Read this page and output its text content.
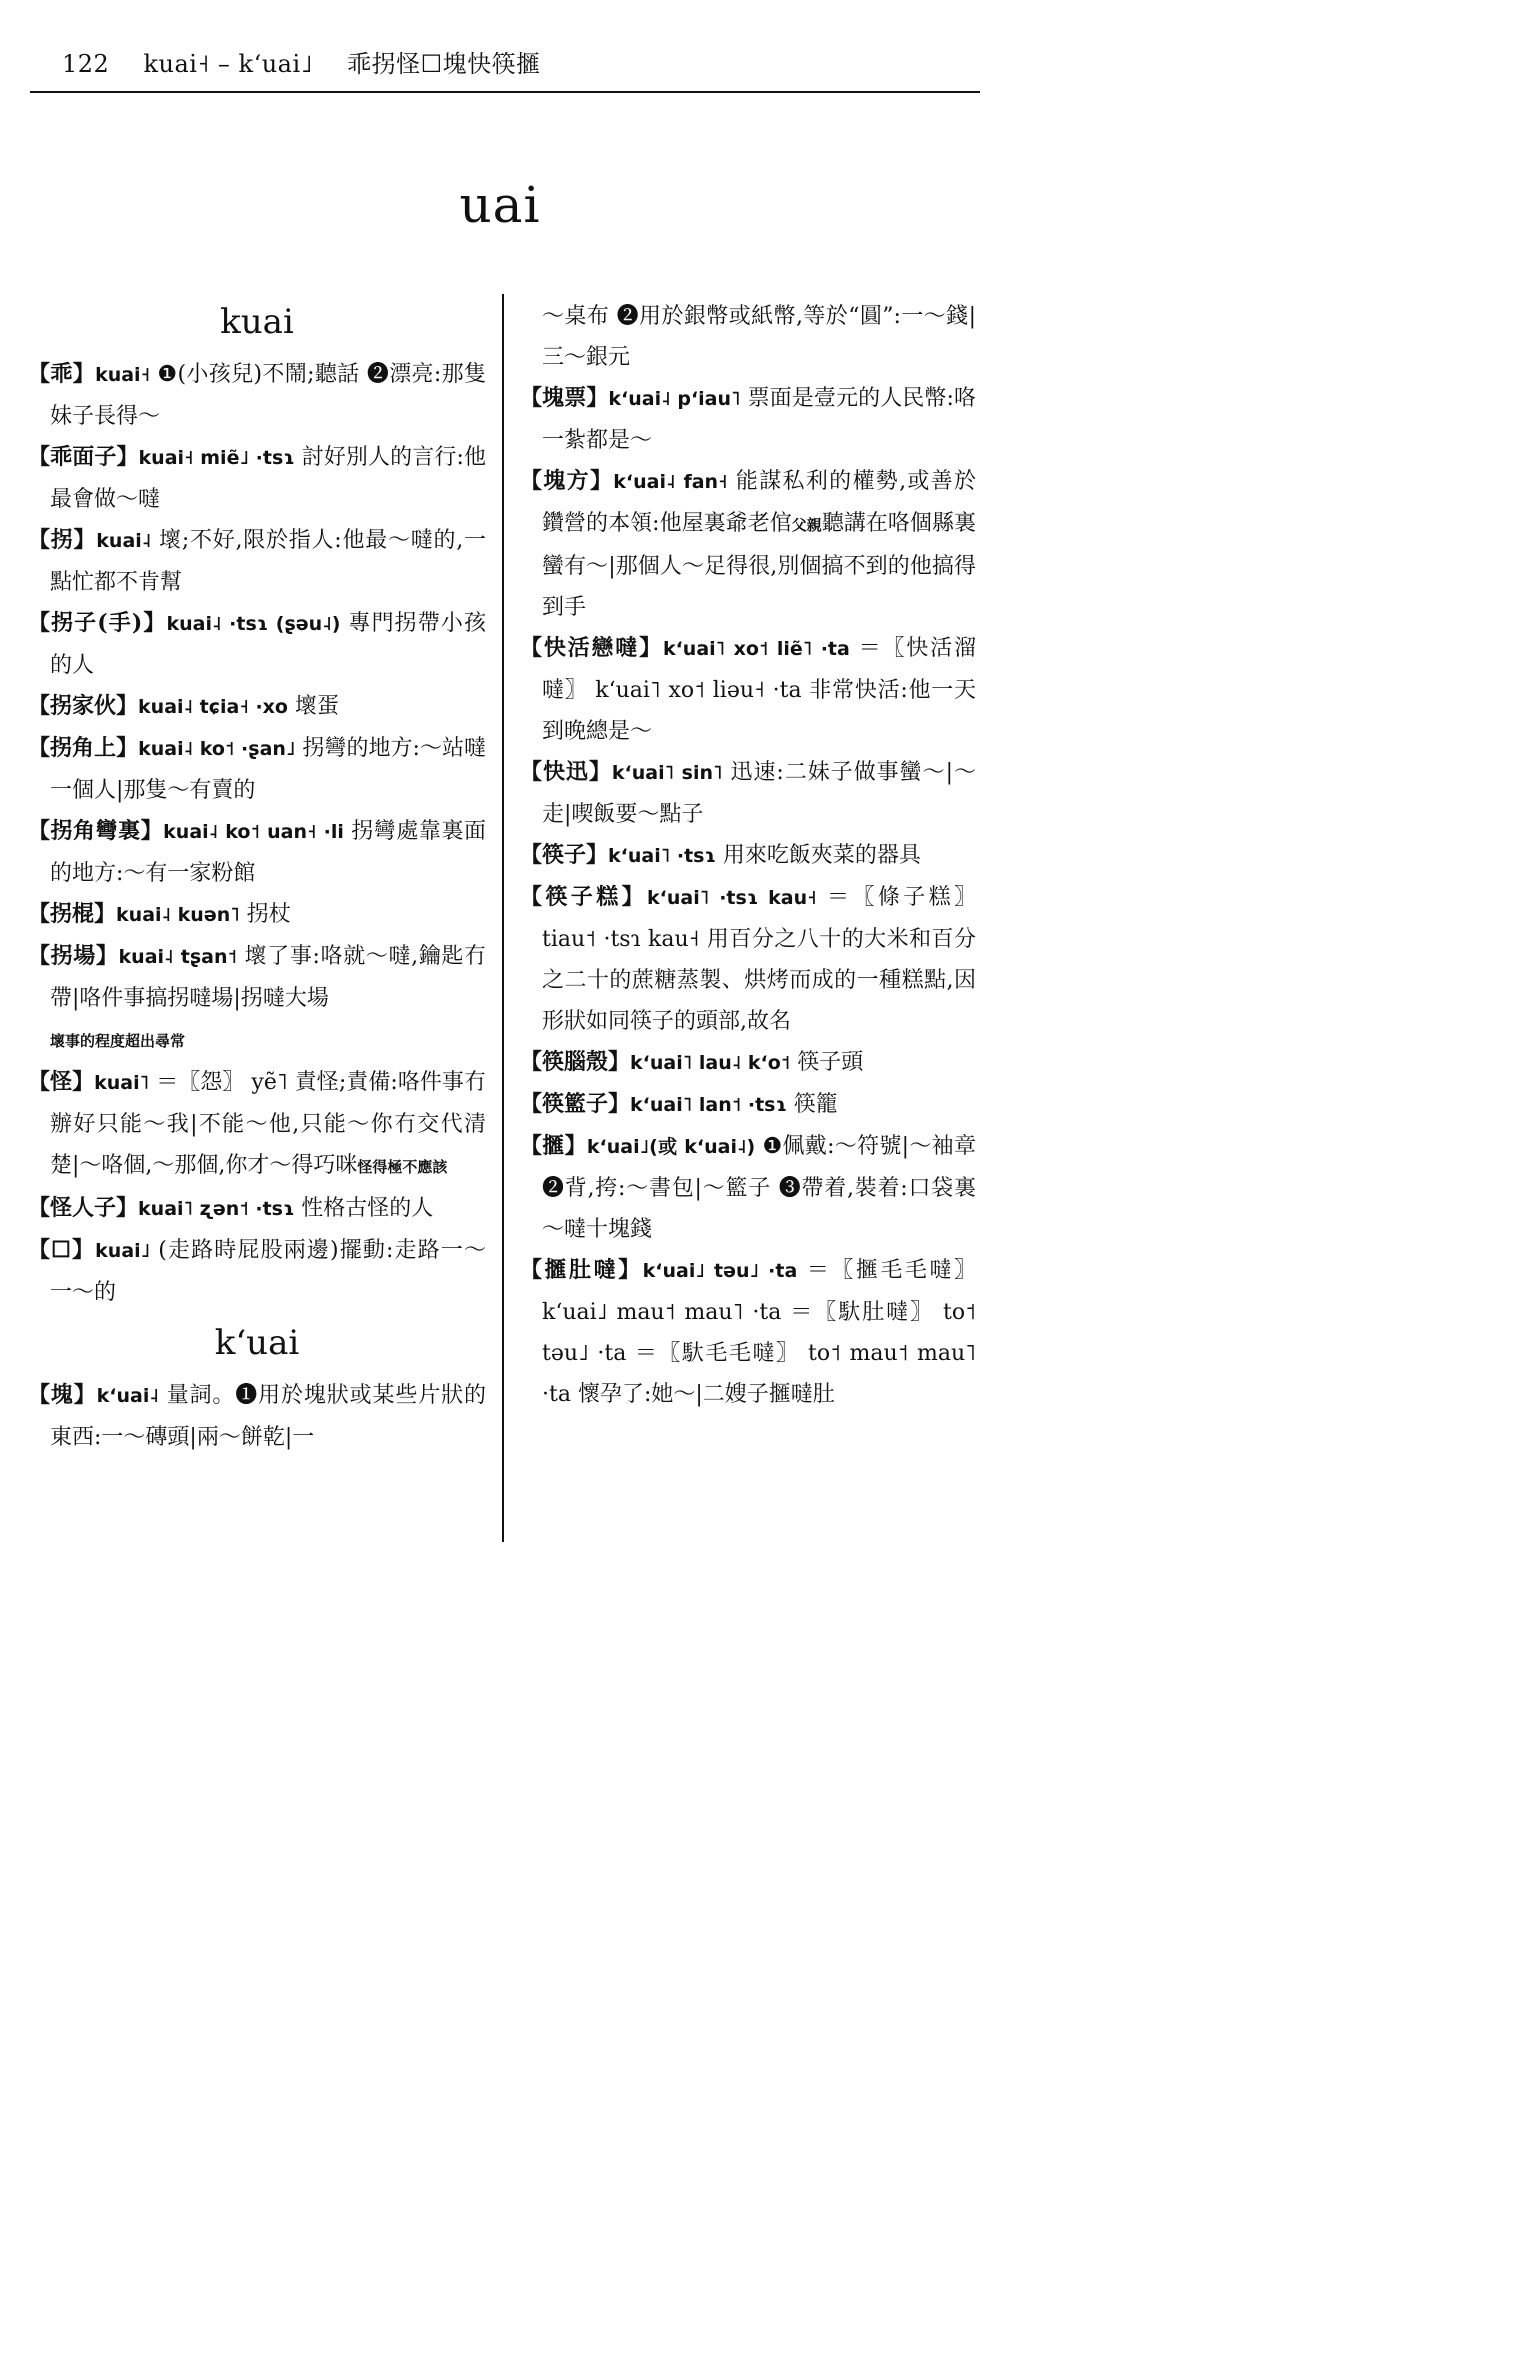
122 kuai˧ – k‘uai˩ 乖拐怪☐塊快筷擓
uai
kuai

【 乖 】 kuai˧ ❶(小孩兒)不鬧;聽話 ❷漂亮:那隻妹子長得～

【 乖面子 】 kuai˧ miẽ˩ ·tsɿ 討好別人的言行:他最會做～噠

【 拐 】 kuai˨ 壞;不好,限於指人:他最～噠的,一點忙都不肯幫

【 拐子(手) 】 kuai˨ ·tsɿ (ʂəu˨) 專門拐帶小孩的人

【 拐家伙 】 kuai˨ tɕia˧ ·xo 壞蛋

【 拐角上 】 kuai˨ ko˦ ·ʂan˩ 拐彎的地方:～站噠一個人|那隻～有賣的

【 拐角彎裏 】 kuai˨ ko˦ uan˧ ·li 拐彎處靠裏面的地方:～有一家粉館

【 拐棍 】 kuai˨ kuən˥ 拐杖

【 拐場 】 kuai˨ tʂan˦ 壞了事:咯就～噠,鑰匙冇帶|咯件事搞拐噠場|拐噠大場
壞事的程度超出尋常

【 怪 】 kuai˥ ＝〖怨〗 yẽ˥ 責怪;責備:咯件事冇辦好只能～我|不能～他,只能～你冇交代清楚|～咯個,～那個,你才～得巧咪怪得極不應該

【 怪人子 】 kuai˥ ʐən˦ ·tsɿ 性格古怪的人

【 ☐ 】 kuai˩ (走路時屁股兩邊)擺動:走路一～一～的

k‘uai

【 塊 】 k‘uai˨ 量詞。❶用於塊狀或某些片狀的東西:一～磚頭|兩～餅乾|一

～桌布 ❷用於銀幣或紙幣,等於“圓”:一～錢|三～銀元

【 塊票 】 k‘uai˨ p‘iau˥ 票面是壹元的人民幣:咯一紮都是～

【 塊方 】 k‘uai˨ fan˧ 能謀私利的權勢,或善於鑽營的本領:他屋裏爺老倌父親聽講在咯個縣裏蠻有～|那個人～足得很,別個搞不到的他搞得到手

【 快活戀噠 】 k‘uai˥ xo˦ liẽ˥ ·ta ＝〖快活溜噠〗 k‘uai˥ xo˦ liəu˧ ·ta 非常快活:他一天到晚總是～

【 快迅 】 k‘uai˥ sin˥ 迅速:二妹子做事蠻～|～走|喫飯要～點子

【 筷子 】 k‘uai˥ ·tsɿ 用來吃飯夾菜的器具

【 筷子糕 】 k‘uai˥ ·tsɿ kau˧ ＝〖條子糕〗 tiau˦ ·tsɿ kau˧ 用百分之八十的大米和百分之二十的蔗糖蒸製、烘烤而成的一種糕點,因形狀如同筷子的頭部,故名

【 筷腦殼 】 k‘uai˥ lau˨ k‘o˦ 筷子頭

【 筷籃子 】 k‘uai˥ lan˦ ·tsɿ 筷籠

【 擓 】 k‘uai˩(或 k‘uai˨) ❶佩戴:～符號|～袖章 ❷背,挎:～書包|～籃子 ❸帶着,裝着:口袋裏～噠十塊錢

【 擓肚噠 】 k‘uai˩ təu˩ ·ta ＝〖擓毛毛噠〗 k‘uai˩ mau˦ mau˥ ·ta ＝〖馱肚噠〗 to˦ təu˩ ·ta ＝〖馱毛毛噠〗 to˦ mau˦ mau˥ ·ta 懷孕了:她～|二嫂子擓噠肚
